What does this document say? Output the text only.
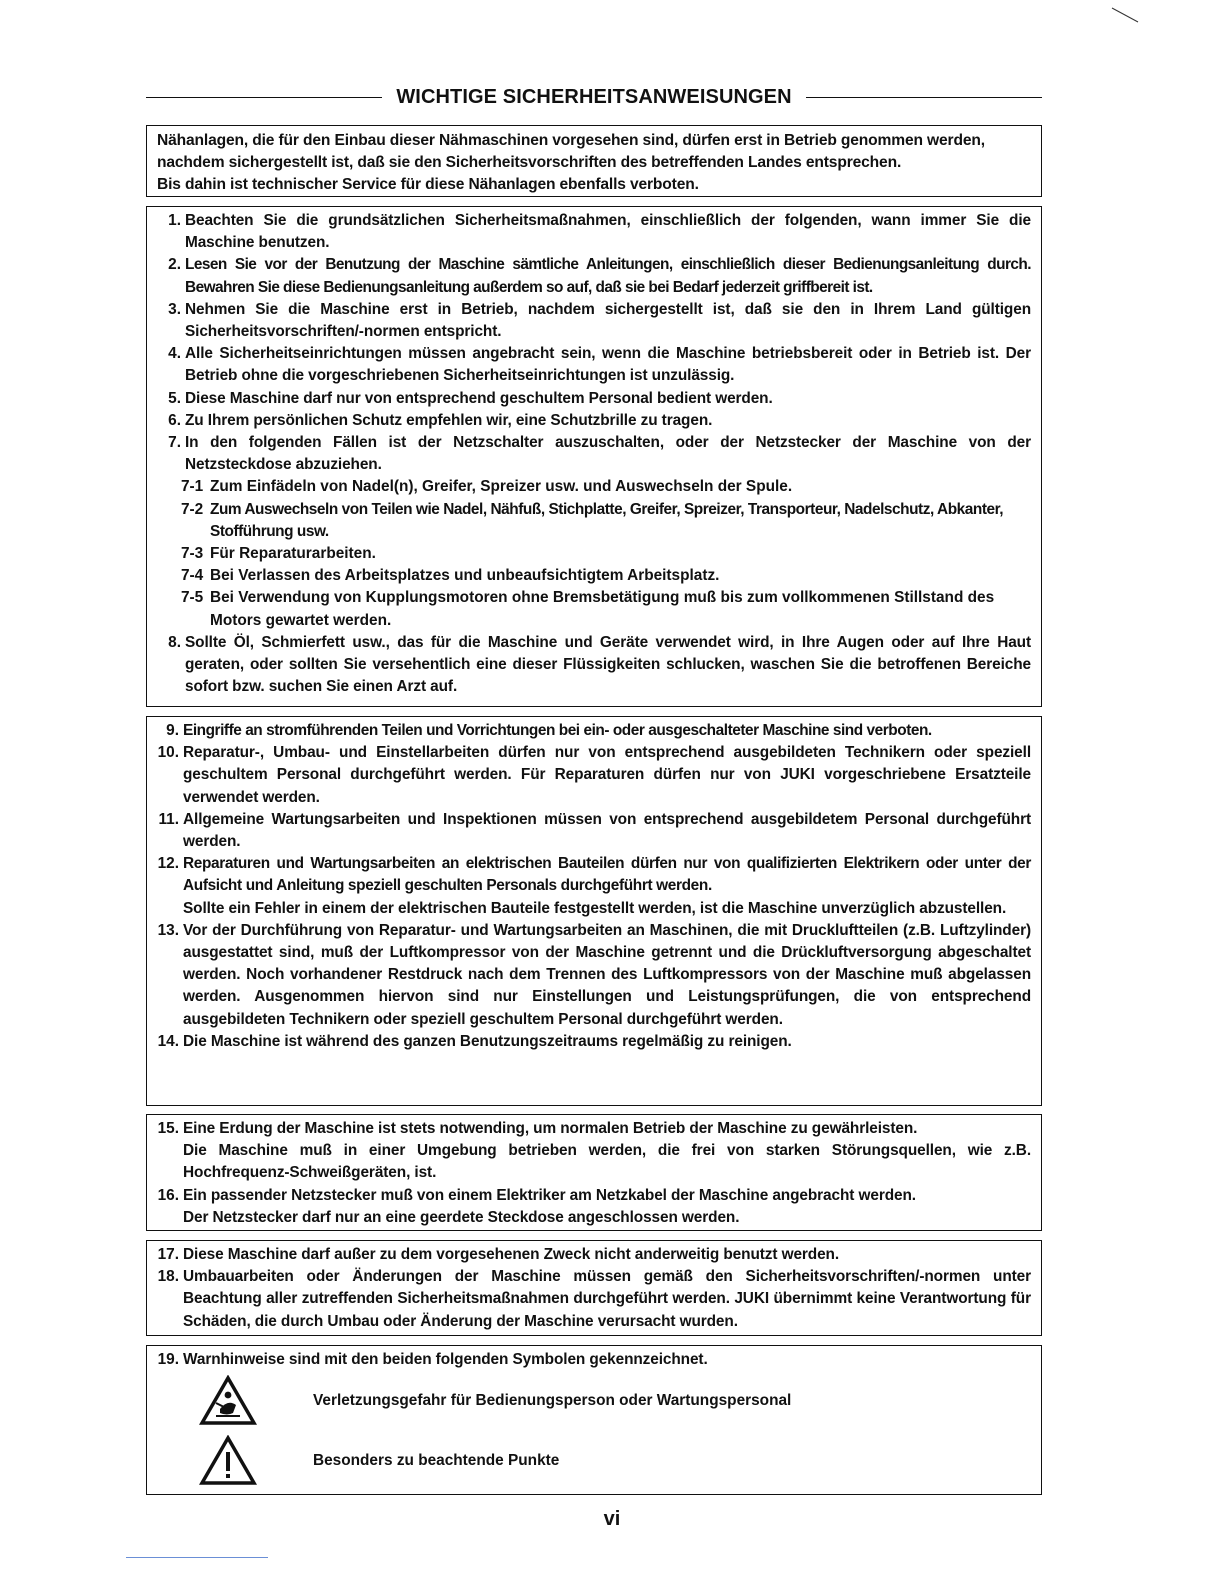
WICHTIGE SICHERHEITSANWEISUNGEN
Nähanlagen, die für den Einbau dieser Nähmaschinen vorgesehen sind, dürfen erst in Betrieb genommen werden,
nachdem sichergestellt ist, daß sie den Sicherheitsvorschriften des betreffenden Landes entsprechen.
Bis dahin ist technischer Service für diese Nähanlagen ebenfalls verboten.
1. Beachten Sie die grundsätzlichen Sicherheitsmaßnahmen, einschließlich der folgenden, wann immer Sie die Maschine benutzen.
2. Lesen Sie vor der Benutzung der Maschine sämtliche Anleitungen, einschließlich dieser Bedienungsanleitung durch. Bewahren Sie diese Bedienungsanleitung außerdem so auf, daß sie bei Bedarf jederzeit griffbereit ist.
3. Nehmen Sie die Maschine erst in Betrieb, nachdem sichergestellt ist, daß sie den in Ihrem Land gültigen Sicherheitsvorschriften/-normen entspricht.
4. Alle Sicherheitseinrichtungen müssen angebracht sein, wenn die Maschine betriebsbereit oder in Betrieb ist. Der Betrieb ohne die vorgeschriebenen Sicherheitseinrichtungen ist unzulässig.
5. Diese Maschine darf nur von entsprechend geschultem Personal bedient werden.
6. Zu Ihrem persönlichen Schutz empfehlen wir, eine Schutzbrille zu tragen.
7. In den folgenden Fällen ist der Netzschalter auszuschalten, oder der Netzstecker der Maschine von der Netzsteckdose abzuziehen.
7-1 Zum Einfädeln von Nadel(n), Greifer, Spreizer usw. und Auswechseln der Spule.
7-2 Zum Auswechseln von Teilen wie Nadel, Nähfuß, Stichplatte, Greifer, Spreizer, Transporteur, Nadelschutz, Abkanter, Stofführung usw.
7-3 Für Reparaturarbeiten.
7-4 Bei Verlassen des Arbeitsplatzes und unbeaufsichtigtem Arbeitsplatz.
7-5 Bei Verwendung von Kupplungsmotoren ohne Bremsbetätigung muß bis zum vollkommenen Stillstand des Motors gewartet werden.
8. Sollte Öl, Schmierfett usw., das für die Maschine und Geräte verwendet wird, in Ihre Augen oder auf Ihre Haut geraten, oder sollten Sie versehentlich eine dieser Flüssigkeiten schlucken, waschen Sie die betroffenen Bereiche sofort bzw. suchen Sie einen Arzt auf.
9. Eingriffe an stromführenden Teilen und Vorrichtungen bei ein- oder ausgeschalteter Maschine sind verboten.
10. Reparatur-, Umbau- und Einstellarbeiten dürfen nur von entsprechend ausgebildeten Technikern oder speziell geschultem Personal durchgeführt werden. Für Reparaturen dürfen nur von JUKI vorgeschriebene Ersatzteile verwendet werden.
11. Allgemeine Wartungsarbeiten und Inspektionen müssen von entsprechend ausgebildetem Personal durchgeführt werden.
12. Reparaturen und Wartungsarbeiten an elektrischen Bauteilen dürfen nur von qualifizierten Elektrikern oder unter der Aufsicht und Anleitung speziell geschulten Personals durchgeführt werden.
Sollte ein Fehler in einem der elektrischen Bauteile festgestellt werden, ist die Maschine unverzüglich abzustellen.
13. Vor der Durchführung von Reparatur- und Wartungsarbeiten an Maschinen, die mit Druckluftteilen (z.B. Luftzylinder) ausgestattet sind, muß der Luftkompressor von der Maschine getrennt und die Drückluftversorgung abgeschaltet werden. Noch vorhandener Restdruck nach dem Trennen des Luftkompressors von der Maschine muß abgelassen werden. Ausgenommen hiervon sind nur Einstellungen und Leistungsprüfungen, die von entsprechend ausgebildeten Technikern oder speziell geschultem Personal durchgeführt werden.
14. Die Maschine ist während des ganzen Benutzungszeitraums regelmäßig zu reinigen.
15. Eine Erdung der Maschine ist stets notwending, um normalen Betrieb der Maschine zu gewährleisten.
Die Maschine muß in einer Umgebung betrieben werden, die frei von starken Störungsquellen, wie z.B. Hochfrequenz-Schweißgeräten, ist.
16. Ein passender Netzstecker muß von einem Elektriker am Netzkabel der Maschine angebracht werden.
Der Netzstecker darf nur an eine geerdete Steckdose angeschlossen werden.
17. Diese Maschine darf außer zu dem vorgesehenen Zweck nicht anderweitig benutzt werden.
18. Umbauarbeiten oder Änderungen der Maschine müssen gemäß den Sicherheitsvorschriften/-normen unter Beachtung aller zutreffenden Sicherheitsmaßnahmen durchgeführt werden. JUKI übernimmt keine Verantwortung für Schäden, die durch Umbau oder Änderung der Maschine verursacht wurden.
19. Warnhinweise sind mit den beiden folgenden Symbolen gekennzeichnet.
Verletzungsgefahr für Bedienungsperson oder Wartungspersonal
Besonders zu beachtende Punkte
vi
